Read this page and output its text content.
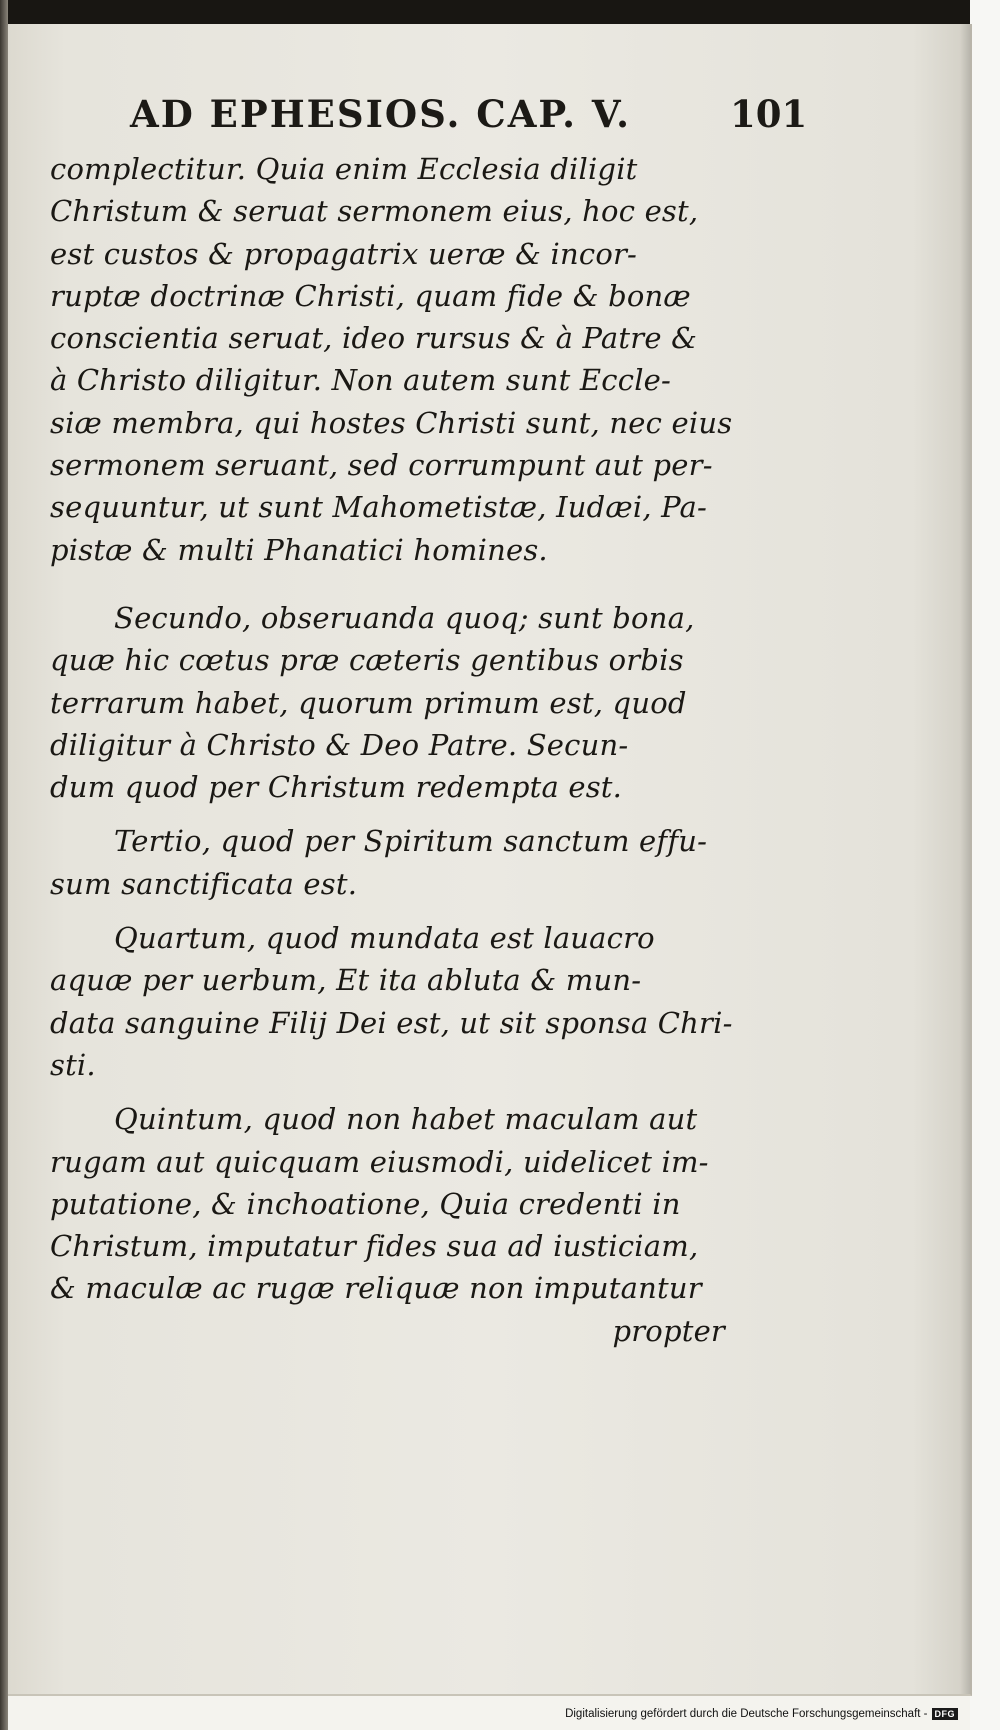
AD EPHESIOS. CAP. V.	101
complectitur. Quia enim Ecclesia diligit
Christum & seruat sermonem eius, hoc est,
est custos & propagatrix ueræ & incor-
ruptæ doctrinæ Christi, quam fide & bonæ
conscientia seruat, ideo rursus & à Patre &
à Christo diligitur. Non autem sunt Eccle-
siæ membra, qui hostes Christi sunt, nec eius
sermonem seruant, sed corrumpunt aut per-
sequuntur, ut sunt Mahometistæ, Iudæi, Pa-
pistæ & multi Phanatici homines.
Secundo, obseruanda quoq; sunt bona,
quæ hic cœtus præ cæteris gentibus orbis
terrarum habet, quorum primum est, quod
diligitur à Christo & Deo Patre. Secun-
dum quod per Christum redempta est.
Tertio, quod per Spiritum sanctum effu-
sum sanctificata est.
Quartum, quod mundata est lauacro
aquæ per uerbum, Et ita abluta & mun-
data sanguine Filij Dei est, ut sit sponsa Chri-
sti.
Quintum, quod non habet maculam aut
rugam aut quicquam eiusmodi, uidelicet im-
putatione, & inchoatione, Quia credenti in
Christum, imputatur fides sua ad iusticiam,
& maculæ ac rugæ reliquæ non imputantur
propter
Digitalisierung gefördert durch die Deutsche Forschungsgemeinschaft - DFG
